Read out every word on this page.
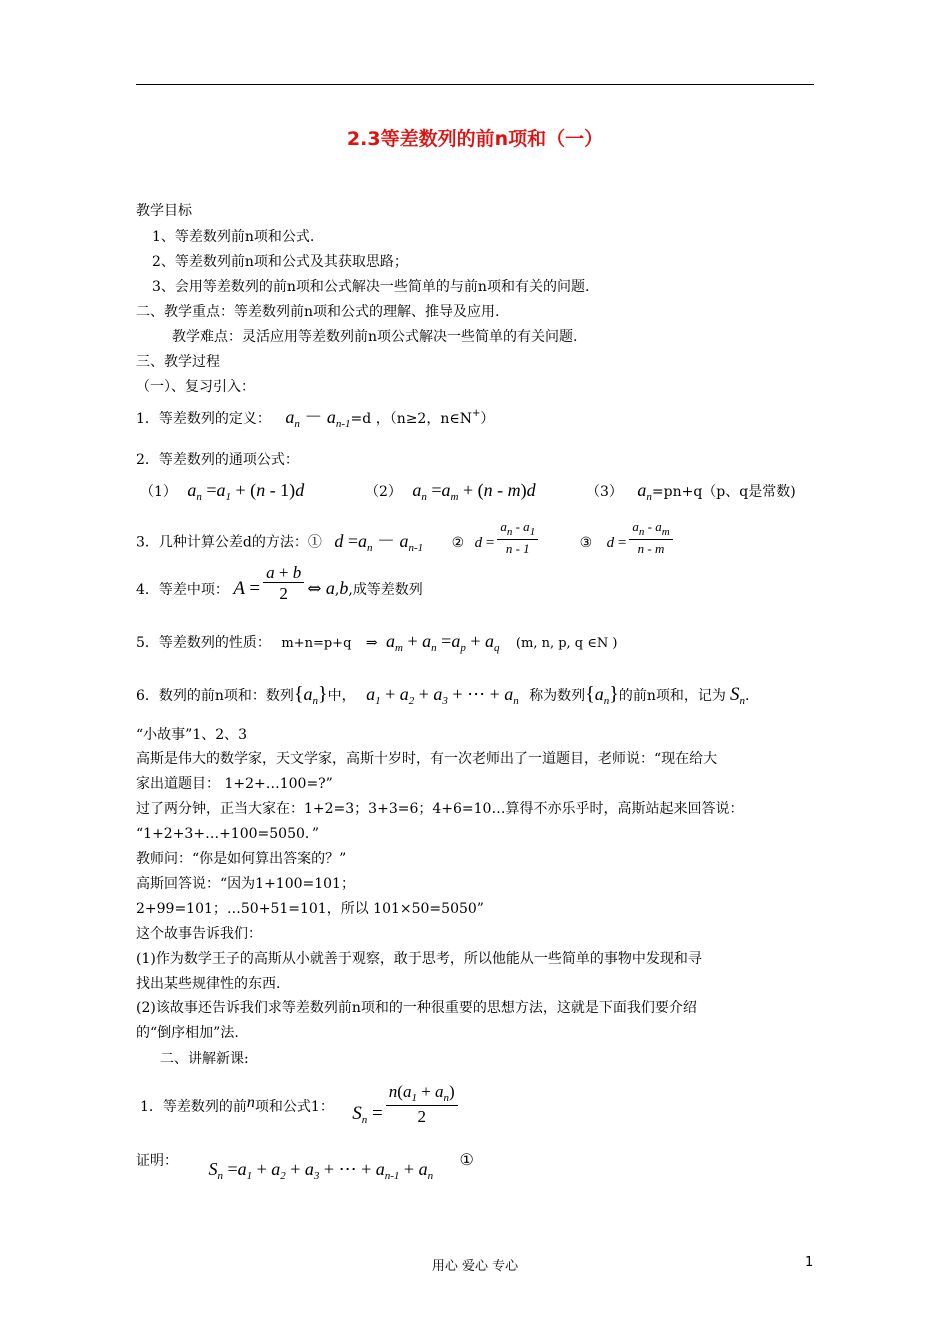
2.3等差数列的前n项和（一）
教学目标
1、等差数列前n项和公式.
2、等差数列前n项和公式及其获取思路；
3、会用等差数列的前n项和公式解决一些简单的与前n项和有关的问题.
二、教学重点：等差数列前n项和公式的理解、推导及应用.
教学难点：灵活应用等差数列前n项公式解决一些简单的有关问题.
三、教学过程
（一）、复习引入：
1．等差数列的定义： $a_n - a_{n-1}=d$ ，（n≥2，n∈N+）
2．等差数列的通项公式：
（1） $a_n =a_1 + (n - 1)d$	（2） $a_n =a_m + (n - m)d$	（3） $a_n=pn+q(p$、q是常数)
3．几种计算公差d的方法：① $d =a_n - a_{n-1}$ ② $d = \frac{a_n - a_1}{n - 1}$	③ $d = \frac{a_n - a_m}{n - m}$
4．等差中项： $A = \frac{a + b}{2}$ ⇔ a,b,成等差数列
5．等差数列的性质： m+n=p+q ⇒ $a_m + a_n =a_p + a_q$ (m, n, p, q ∈N )
6．数列的前n项和：数列$\{a_n\}$中， $a_1 + a_2 + a_3$ + ⋯ + $a_n$ 称为数列$\{a_n\}$的前n项和，记为 $S_n$.
“小故事”1、2、3
高斯是伟大的数学家，天文学家，高斯十岁时，有一次老师出了一道题目，老师说：“现在给大
家出道题目： 1+2+…100=?”
过了两分钟，正当大家在：1+2=3；3+3=6；4+6=10…算得不亦乐乎时，高斯站起来回答说：
“1+2+3+…+100=5050．”
教师问：“你是如何算出答案的？”
高斯回答说：“因为1+100=101；
2+99=101；…50+51=101，所以 101×50=5050”
这个故事告诉我们：
(1)作为数学王子的高斯从小就善于观察，敢于思考，所以他能从一些简单的事物中发现和寻
找出某些规律性的东西.
(2)该故事还告诉我们求等差数列前n项和的一种很重要的思想方法，这就是下面我们要介绍
的“倒序相加”法.
二、讲解新课:
1．等差数列的前n项和公式1： $S_n = \frac{n(a_1 + a_n)}{2}$
证明： $S_n =a_1 + a_2 + a_3$ + ⋯ + $a_{n-1} + a_n$ ①
用心 爱心 专心	1
